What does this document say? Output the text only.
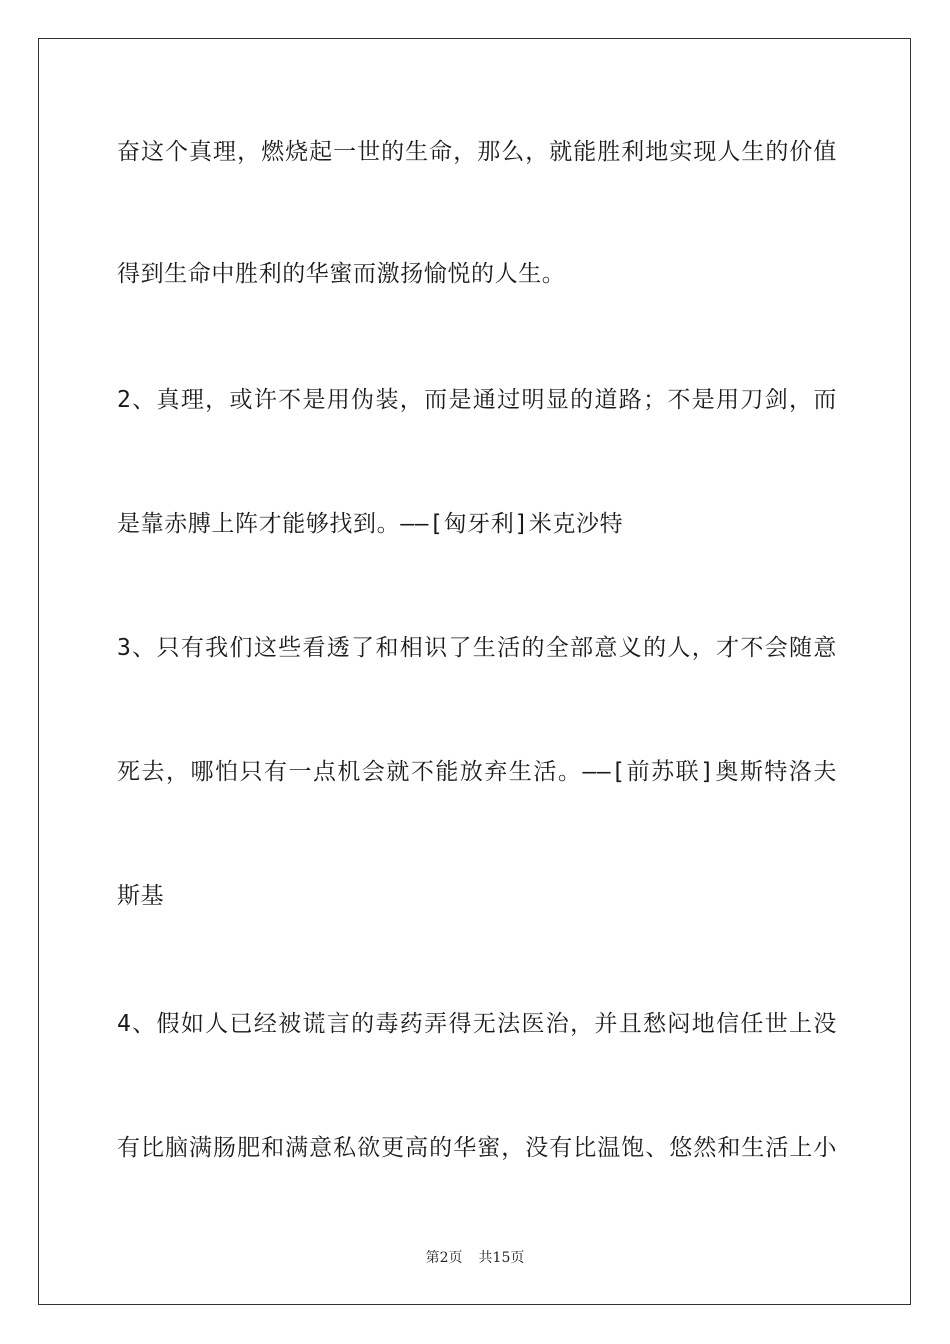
奋这个真理，燃烧起一世的生命，那么，就能胜利地实现人生的价值
得到生命中胜利的华蜜而激扬愉悦的人生。
2、真理，或许不是用伪装，而是通过明显的道路；不是用刀剑，而
是靠赤膊上阵才能够找到。——[匈牙利]米克沙特
3、只有我们这些看透了和相识了生活的全部意义的人，才不会随意
死去，哪怕只有一点机会就不能放弃生活。——[前苏联]奥斯特洛夫
斯基
4、假如人已经被谎言的毒药弄得无法医治，并且愁闷地信任世上没
有比脑满肠肥和满意私欲更高的华蜜，没有比温饱、悠然和生活上小
第2页 共15页
